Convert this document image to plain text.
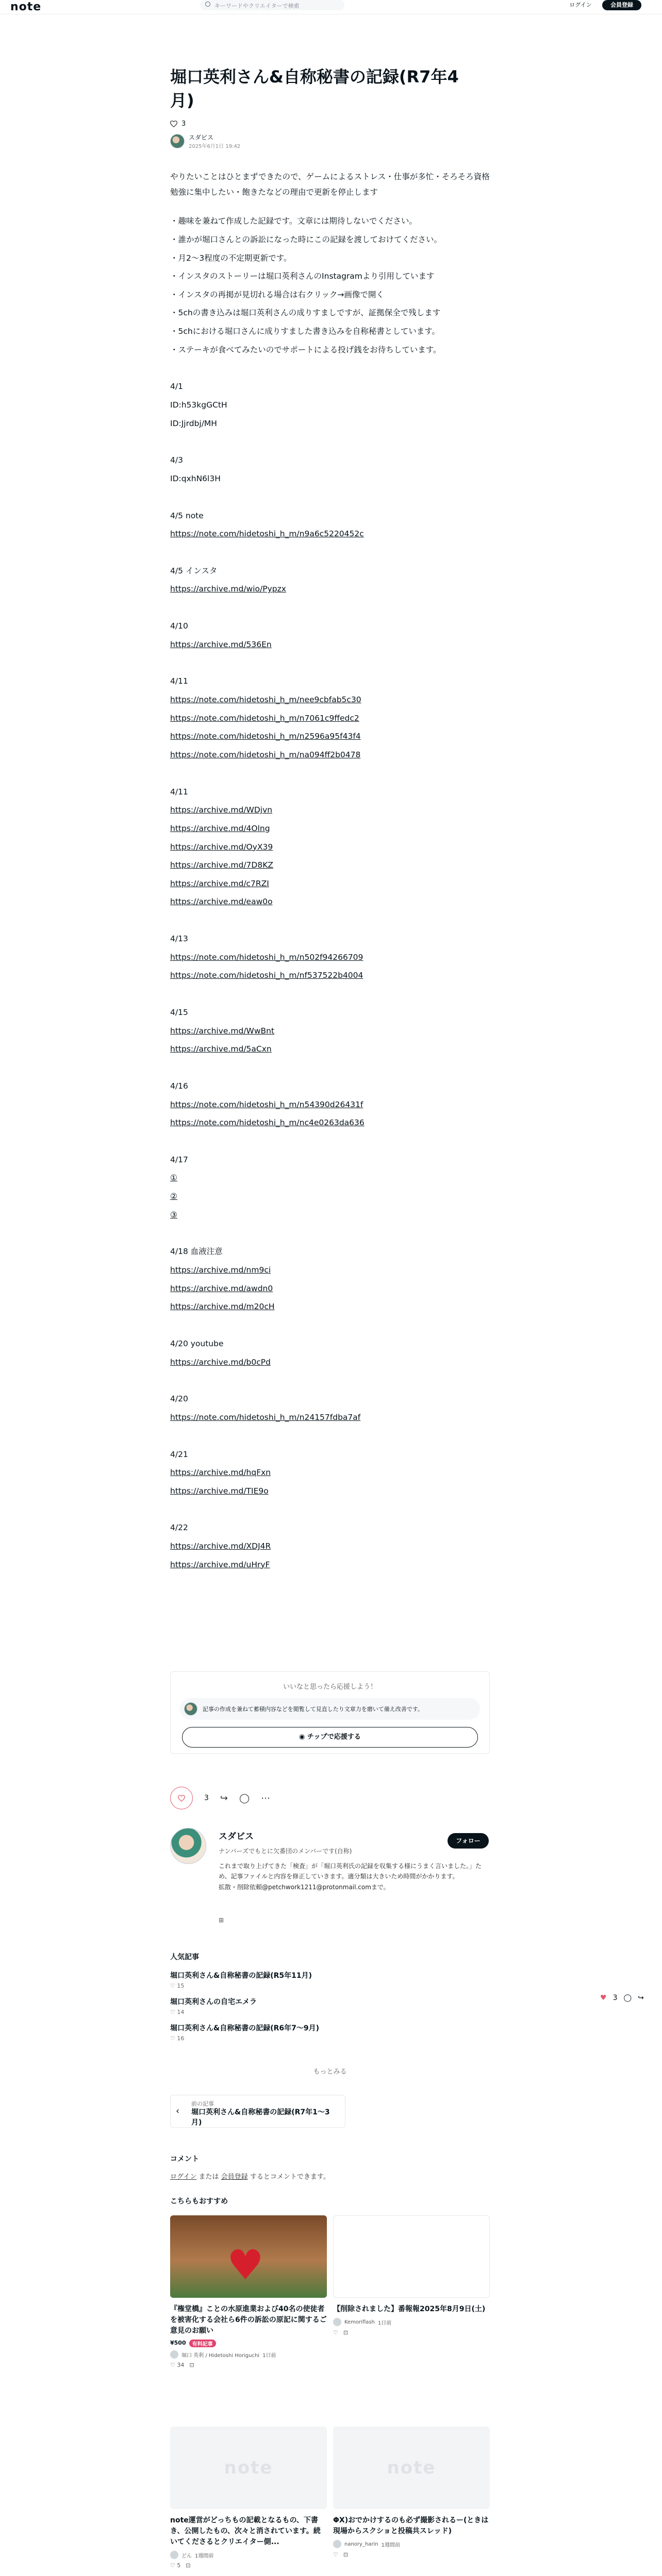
note	キーワードやクリエイターで検索	ログイン	会員登録
堀口英利さん&自称秘書の記録(R7年4月)
3
スダビス
2025年6月1日 19:42

やりたいことはひとまずできたので、ゲームによるストレス・仕事が多忙・そろそろ資格勉強に集中したい・飽きたなどの理由で更新を停止します

・ 趣味を兼ねて作成した記録です。文章には期待しないでください。
・ 誰かが堀口さんとの訴訟になった時にこの記録を渡しておけてください。
・ 月2〜3程度の不定期更新です。
・ インスタのストーリーは堀口英利さんのInstagramより引用しています
・ インスタの再掲が見切れる場合は右クリック→画像で開く
・ 5chの書き込みは堀口英利さんの成りすましですが、証拠保全で残します
・ 5chにおける堀口さんに成りすました書き込みを自称秘書としています。
・ ステーキが食べてみたいのでサポートによる投げ銭をお待ちしています。
4/1
ID:h53kgGCtH
ID:Jjrdbj/MH
4/3
ID:qxhN6l3H
4/5 note
https://note.com/hidetoshi_h_m/n9a6c5220452c
4/5 インスタ
https://archive.md/wio/Pypzx
4/10
https://archive.md/536En
4/11
https://note.com/hidetoshi_h_m/nee9cbfab5c30
https://note.com/hidetoshi_h_m/n7061c9ffedc2
https://note.com/hidetoshi_h_m/n2596a95f43f4
https://note.com/hidetoshi_h_m/na094ff2b0478
4/11
https://archive.md/WDjvn
https://archive.md/4Olng
https://archive.md/OyX39
https://archive.md/7D8KZ
https://archive.md/c7RZI
https://archive.md/eaw0o
4/13
https://note.com/hidetoshi_h_m/n502f94266709
https://note.com/hidetoshi_h_m/nf537522b4004
4/15
https://archive.md/WwBnt
https://archive.md/5aCxn
4/16
https://note.com/hidetoshi_h_m/n54390d26431f
https://note.com/hidetoshi_h_m/nc4e0263da636
4/17
①
②
③
4/18 血液注意
https://archive.md/nm9ci
https://archive.md/awdn0
https://archive.md/m20cH
4/20 youtube
https://archive.md/b0cPd
4/20
https://note.com/hidetoshi_h_m/n24157fdba7af
4/21
https://archive.md/hqFxn
https://archive.md/TIE9o
4/22
https://archive.md/XDJ4R
https://archive.md/uHryF
いいなと思ったら応援しよう！
記事の作成を兼ねて蓄積内容などを閲覧して見直したり文章力を磨いて備え改善です。
◉ チップで応援する
3 ↪ ◯ ⋯
スダビス	フォロー
ナンバーズでもとに欠番団のメンバーです(自称)
これまで取り上げてきた「検査」が「堀口英利氏の記録を収集する様にうまく言いました。」ため、記事ファイルと内容を修正していきます。適分類は大きいため時間がかかります。
拡散・削除依頼@petchwork1211@protonmail.comまで。
⊞
人気記事
堀口英利さん&自称秘書の記録(R5年11月)
♡ 15
堀口英利さんの自宅エメラ
♡ 14
堀口英利さん&自称秘書の記録(R6年7〜9月)
♡ 16
もっとみる
♥ 3 ◯ ↪
‹
前の記事
堀口英利さん&自称秘書の記録(R7年1〜3月)
コメント
ログイン または 会員登録 するとコメントできます。
こちらもおすすめ
♥
『権堂橋』ことの水原進業および40名の使徒者を被害化する会社ら6件の訴訟の原記に関するご意見のお願い
¥500	有料記事
堀口 英利 / Hidetoshi Horiguchi 1日前
♡ 34 ⊡
【削除されました】番報報2025年8月9日(土)
Kemoriflash 1日前
♡ ⊡
note
note運営がどっちもの記載となるもの、下書き、公開したもの、次々と消されています。続いてくださるとクリエイター側...
どん 1週間前
♡ 5 ⊡
note
ΦX)おでかけするのも必ず撮影されるー(ときは現場からスクショと投稿共スレッド)
nanory_harin 1週間前
♡ ⊡
